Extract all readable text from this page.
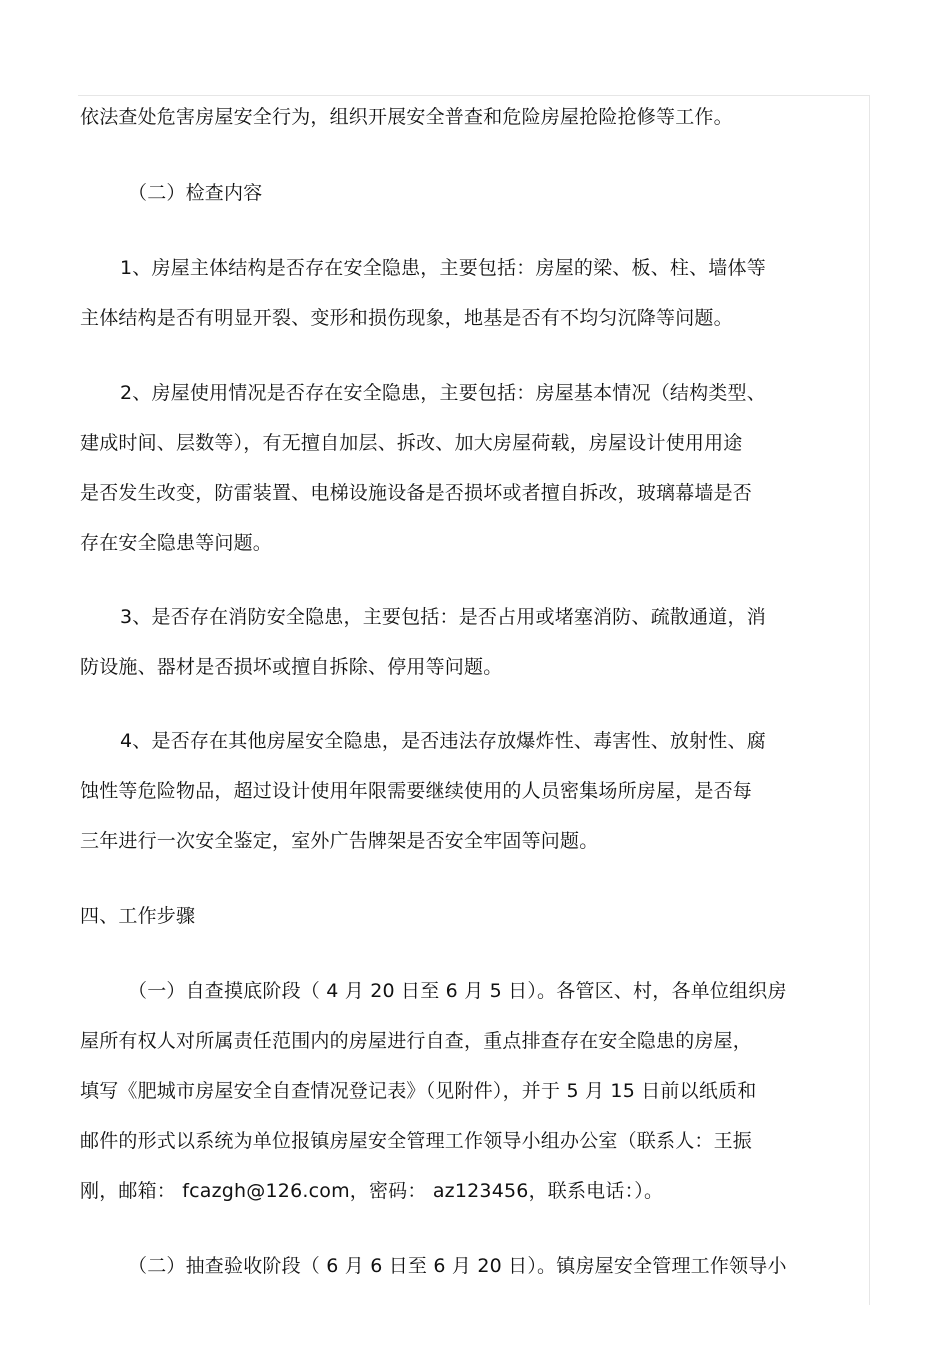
依法查处危害房屋安全行为，组织开展安全普查和危险房屋抢险抢修等工作。
（二）检查内容
1、房屋主体结构是否存在安全隐患，主要包括：房屋的梁、板、柱、墙体等
主体结构是否有明显开裂、变形和损伤现象，地基是否有不均匀沉降等问题。
2、房屋使用情况是否存在安全隐患，主要包括：房屋基本情况（结构类型、
建成时间、层数等），有无擅自加层、拆改、加大房屋荷载，房屋设计使用用途
是否发生改变，防雷装置、电梯设施设备是否损坏或者擅自拆改，玻璃幕墙是否
存在安全隐患等问题。
3、是否存在消防安全隐患，主要包括：是否占用或堵塞消防、疏散通道，消
防设施、器材是否损坏或擅自拆除、停用等问题。
4、是否存在其他房屋安全隐患，是否违法存放爆炸性、毒害性、放射性、腐
蚀性等危险物品，超过设计使用年限需要继续使用的人员密集场所房屋，是否每
三年进行一次安全鉴定，室外广告牌架是否安全牢固等问题。
四、工作步骤
（一）自查摸底阶段（ 4 月 20 日至 6 月 5 日）。各管区、村，各单位组织房
屋所有权人对所属责任范围内的房屋进行自查，重点排查存在安全隐患的房屋，
填写《肥城市房屋安全自查情况登记表》（见附件），并于 5 月 15 日前以纸质和
邮件的形式以系统为单位报镇房屋安全管理工作领导小组办公室（联系人：王振
刚，邮箱： fcazgh@126.com，密码： az123456，联系电话：）。
（二）抽查验收阶段（ 6 月 6 日至 6 月 20 日）。镇房屋安全管理工作领导小
